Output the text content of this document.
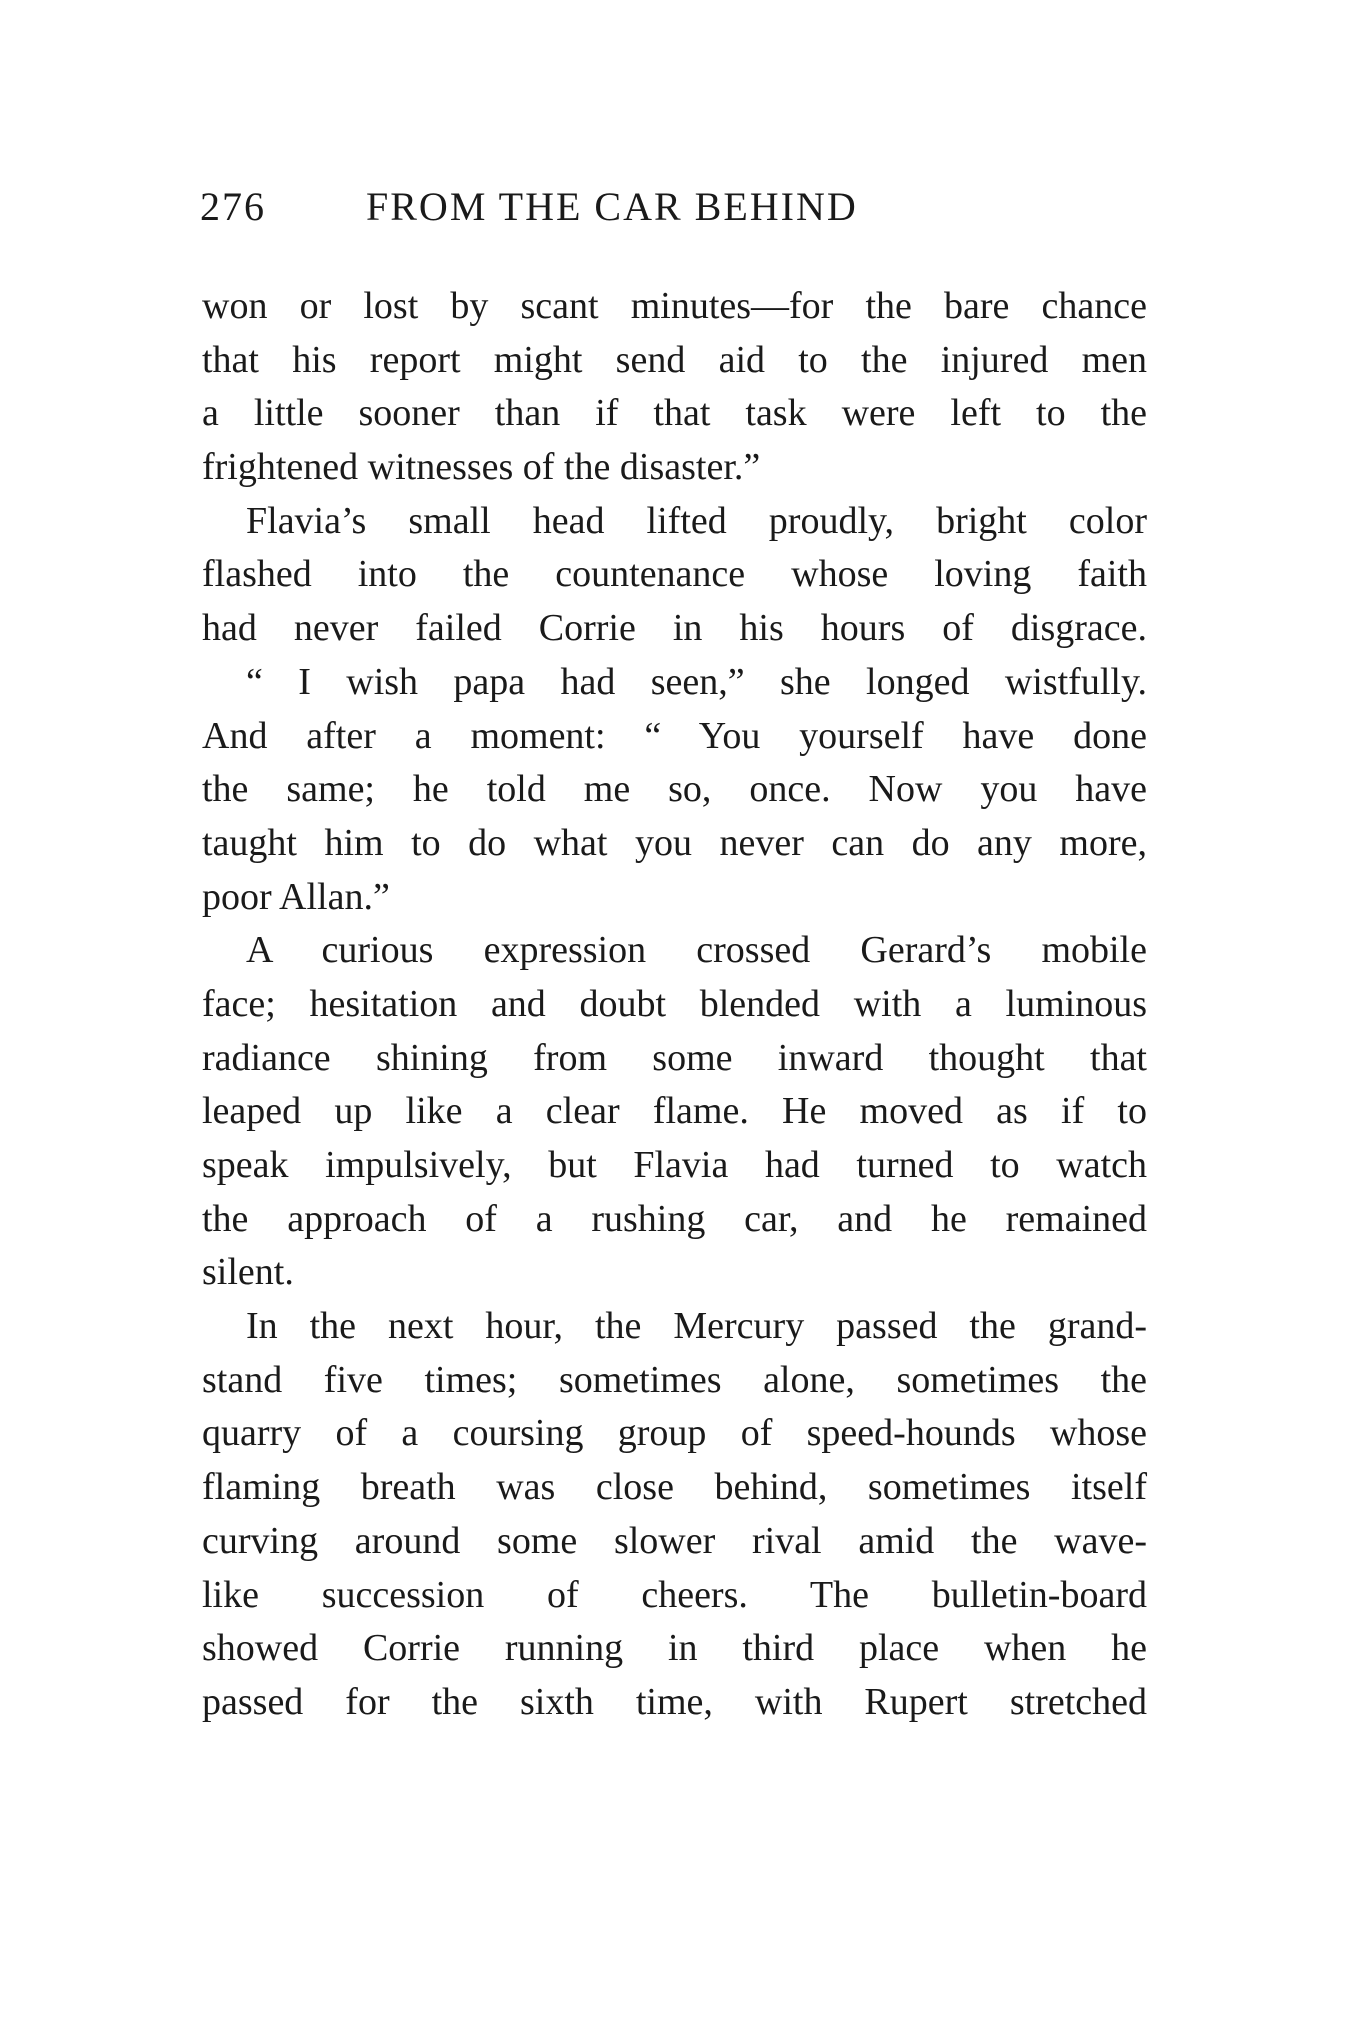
276	FROM THE CAR BEHIND
won or lost by scant minutes—for the bare chance
that his report might send aid to the injured men
a little sooner than if that task were left to the
frightened witnesses of the disaster.”
Flavia’s small head lifted proudly, bright color
flashed into the countenance whose loving faith
had never failed Corrie in his hours of disgrace.
“ I wish papa had seen,” she longed wistfully.
And after a moment: “ You yourself have done
the same; he told me so, once. Now you have
taught him to do what you never can do any more,
poor Allan.”
A curious expression crossed Gerard’s mobile
face; hesitation and doubt blended with a luminous
radiance shining from some inward thought that
leaped up like a clear flame. He moved as if to
speak impulsively, but Flavia had turned to watch
the approach of a rushing car, and he remained
silent.
In the next hour, the Mercury passed the grand-
stand five times; sometimes alone, sometimes the
quarry of a coursing group of speed-hounds whose
flaming breath was close behind, sometimes itself
curving around some slower rival amid the wave-
like succession of cheers. The bulletin-board
showed Corrie running in third place when he
passed for the sixth time, with Rupert stretched
